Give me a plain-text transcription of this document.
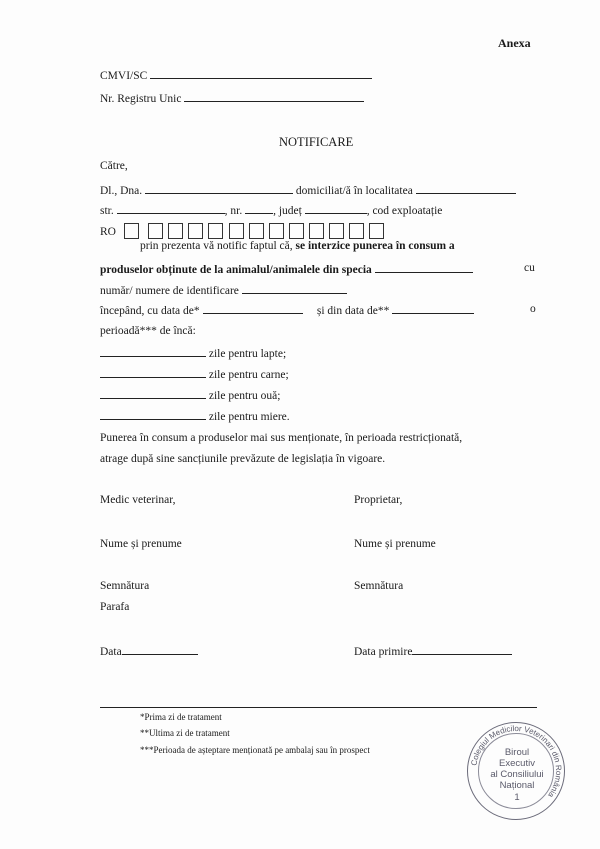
Anexa
CMVI/SC
Nr. Registru Unic
NOTIFICARE
Către,
Dl., Dna.	domiciliat/ă în localitatea
str.	, nr.	, județ	, cod exploatație
RO
prin prezenta vă notific faptul că, se interzice punerea în consum a
produselor obținute de la animalul/animalele din specia	cu
număr/ numere de identificare
începând, cu data de*	și din data de**	o
perioadă*** de încă:
zile pentru lapte;
zile pentru carne;
zile pentru ouă;
zile pentru miere.
Punerea în consum a produselor mai sus menționate, în perioada restricționată,
atrage după sine sancțiunile prevăzute de legislația în vigoare.
Medic veterinar,	Proprietar,
Nume și prenume	Nume și prenume
Semnătura	Semnătura
Parafa
Data	Data primire
*Prima zi de tratament
**Ultima zi de tratament
***Perioada de așteptare menționată pe ambalaj sau în prospect
Colegiul Medicilor Veterinari din România
Biroul
Executiv
al Consiliului
Național
1
